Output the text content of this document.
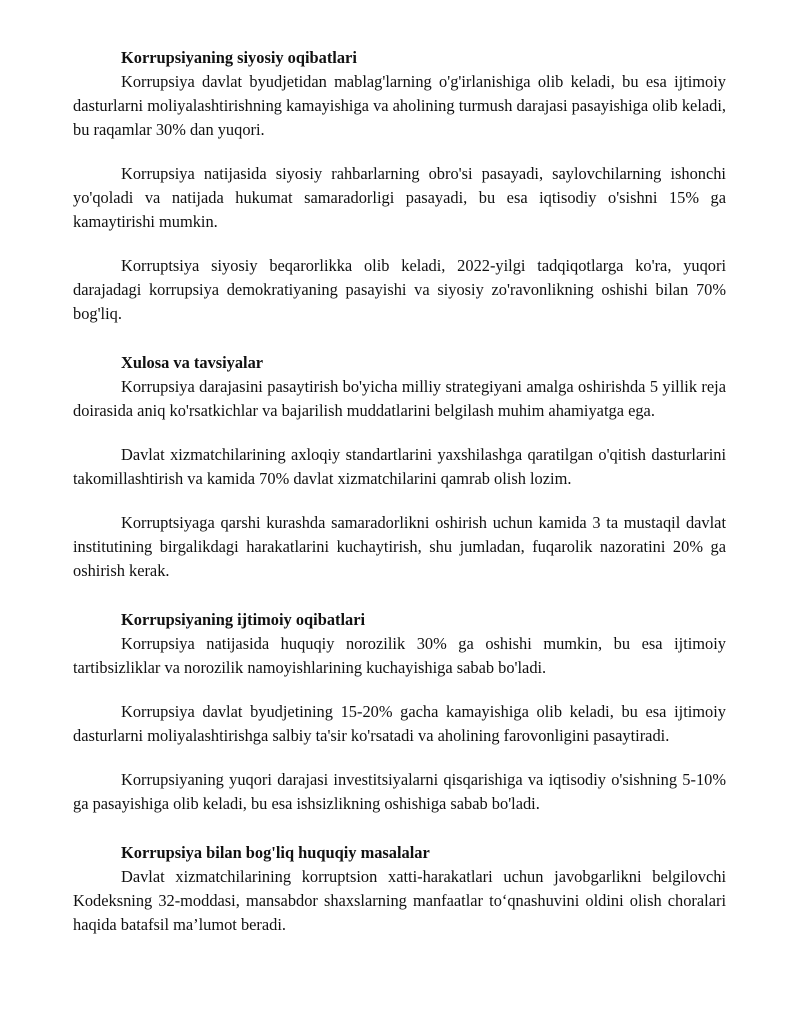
Korrupsiyaning siyosiy oqibatlari

Korrupsiya davlat byudjetidan mablag'larning o'g'irlanishiga olib keladi, bu esa ijtimoiy dasturlarni moliyalashtirishning kamayishiga va aholining turmush darajasi pasayishiga olib keladi, bu raqamlar 30% dan yuqori.

Korrupsiya natijasida siyosiy rahbarlarning obro'si pasayadi, saylovchilarning ishonchi yo'qoladi va natijada hukumat samaradorligi pasayadi, bu esa iqtisodiy o'sishni 15% ga kamaytirishi mumkin.

Korruptsiya siyosiy beqarorlikka olib keladi, 2022-yilgi tadqiqotlarga ko'ra, yuqori darajadagi korrupsiya demokratiyaning pasayishi va siyosiy zo'ravonlikning oshishi bilan 70% bog'liq.

Xulosa va tavsiyalar

Korrupsiya darajasini pasaytirish bo'yicha milliy strategiyani amalga oshirishda 5 yillik reja doirasida aniq ko'rsatkichlar va bajarilish muddatlarini belgilash muhim ahamiyatga ega.

Davlat xizmatchilarining axloqiy standartlarini yaxshilashga qaratilgan o'qitish dasturlarini takomillashtirish va kamida 70% davlat xizmatchilarini qamrab olish lozim.

Korruptsiyaga qarshi kurashda samaradorlikni oshirish uchun kamida 3 ta mustaqil davlat institutining birgalikdagi harakatlarini kuchaytirish, shu jumladan, fuqarolik nazoratini 20% ga oshirish kerak.

Korrupsiyaning ijtimoiy oqibatlari

Korrupsiya natijasida huquqiy norozilik 30% ga oshishi mumkin, bu esa ijtimoiy tartibsizliklar va norozilik namoyishlarining kuchayishiga sabab bo'ladi.

Korrupsiya davlat byudjetining 15-20% gacha kamayishiga olib keladi, bu esa ijtimoiy dasturlarni moliyalashtirishga salbiy ta'sir ko'rsatadi va aholining farovonligini pasaytiradi.

Korrupsiyaning yuqori darajasi investitsiyalarni qisqarishiga va iqtisodiy o'sishning 5-10% ga pasayishiga olib keladi, bu esa ishsizlikning oshishiga sabab bo'ladi.

Korrupsiya bilan bog'liq huquqiy masalalar

Davlat xizmatchilarining korruptsion xatti-harakatlari uchun javobgarlikni belgilovchi Kodeksning 32-moddasi, mansabdor shaxslarning manfaatlar to‘qnashuvini oldini olish choralari haqida batafsil ma’lumot beradi.
